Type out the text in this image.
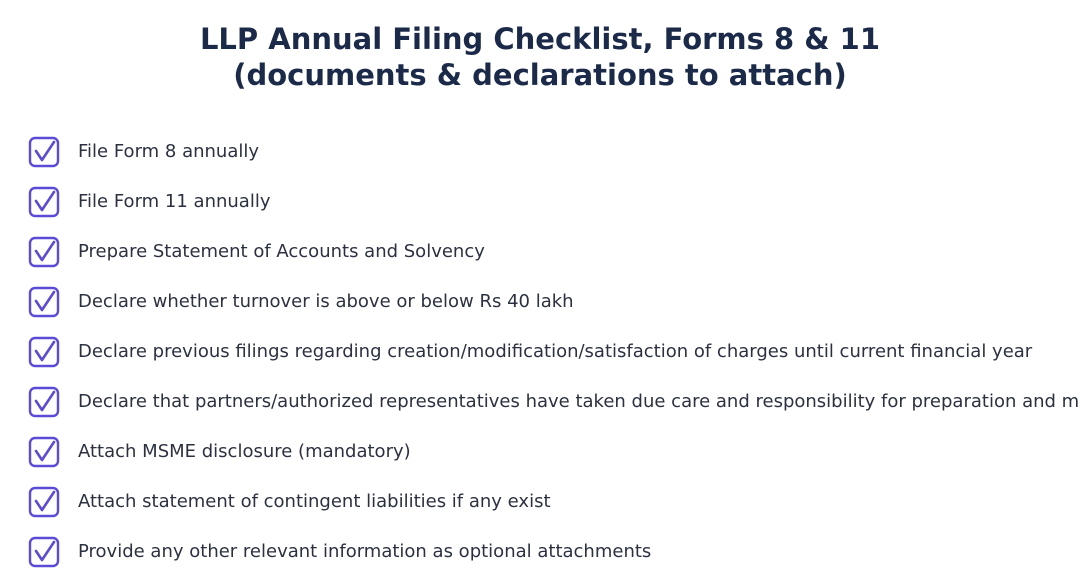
LLP Annual Filing Checklist, Forms 8 & 11
(documents & declarations to attach)
File Form 8 annually
File Form 11 annually
Prepare Statement of Accounts and Solvency
Declare whether turnover is above or below Rs 40 lakh
Declare previous filings regarding creation/modification/satisfaction of charges until current financial year
Declare that partners/authorized representatives have taken due care and responsibility for preparation and m
Attach MSME disclosure (mandatory)
Attach statement of contingent liabilities if any exist
Provide any other relevant information as optional attachments
